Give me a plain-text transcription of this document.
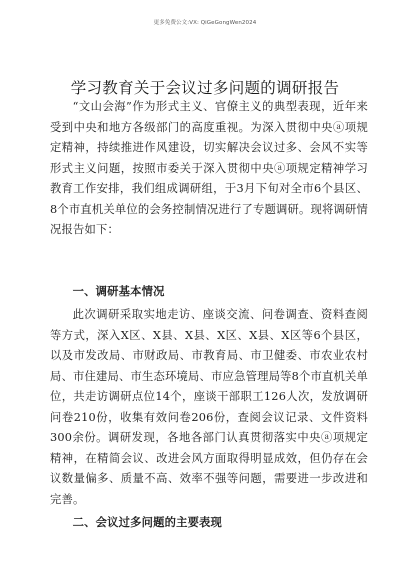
更多免费公文:VX: QiGeGongWen2024
学习教育关于会议过多问题的调研报告

“文山会海”作为形式主义、官僚主义的典型表现，近年来受到中央和地方各级部门的高度重视。为深入贯彻中央ⓐ项规定精神，持续推进作风建设，切实解决会议过多、会风不实等形式主义问题，按照市委关于深入贯彻中央ⓐ项规定精神学习教育工作安排，我们组成调研组，于3月下旬对全市6个县区、8个市直机关单位的会务控制情况进行了专题调研。现将调研情况报告如下：

一、调研基本情况

此次调研采取实地走访、座谈交流、问卷调查、资料查阅等方式，深入X区、X县、X县、X区、X县、X区等6个县区，以及市发改局、市财政局、市教育局、市卫健委、市农业农村局、市住建局、市生态环境局、市应急管理局等8个市直机关单位，共走访调研点位14个，座谈干部职工126人次，发放调研问卷210份，收集有效问卷206份，查阅会议记录、文件资料300余份。调研发现，各地各部门认真贯彻落实中央ⓐ项规定精神，在精简会议、改进会风方面取得明显成效，但仍存在会议数量偏多、质量不高、效率不强等问题，需要进一步改进和完善。

二、会议过多问题的主要表现
